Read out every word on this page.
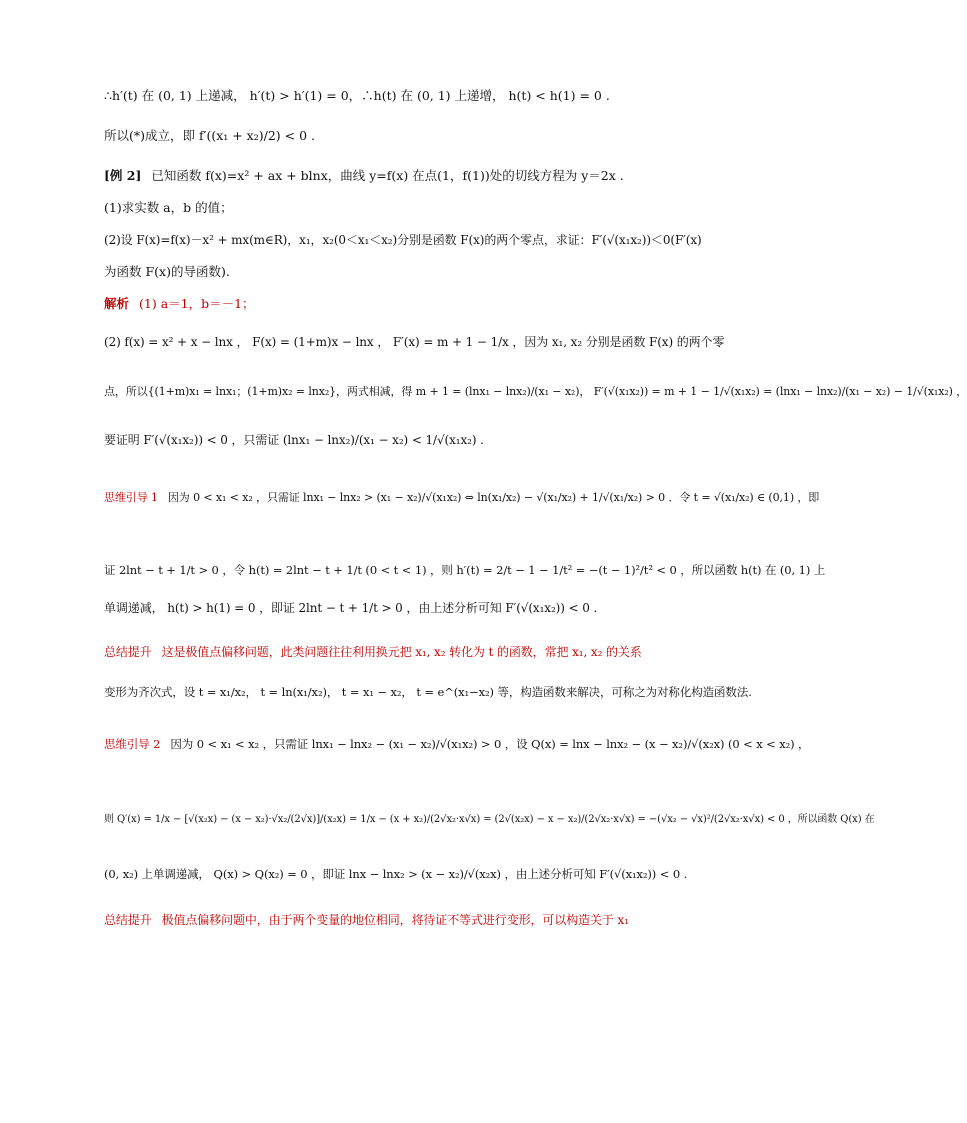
∴h′(t) 在 (0, 1) 上递减， h′(t) > h′(1) = 0，∴h(t) 在 (0, 1) 上递增， h(t) < h(1) = 0 .
所以(*)成立，即 f′((x₁ + x₂)/2) < 0 .
[例 2] 已知函数 f(x)=x² + ax + blnx，曲线 y=f(x) 在点(1，f(1))处的切线方程为 y＝2x .
(1)求实数 a，b 的值；
(2)设 F(x)=f(x)－x² + mx(m∈R)，x₁，x₂(0＜x₁＜x₂)分别是函数 F(x)的两个零点，求证：F′(√(x₁x₂))＜0(F′(x)
为函数 F(x)的导函数).
解析 (1) a＝1，b＝－1；
(2) f(x) = x² + x − lnx ， F(x) = (1+m)x − lnx ， F′(x) = m + 1 − 1/x ，因为 x₁, x₂ 分别是函数 F(x) 的两个零
点，所以{(1+m)x₁ = lnx₁；(1+m)x₂ = lnx₂}，两式相减，得 m + 1 = (lnx₁ − lnx₂)/(x₁ − x₂)， F′(√(x₁x₂)) = m + 1 − 1/√(x₁x₂) = (lnx₁ − lnx₂)/(x₁ − x₂) − 1/√(x₁x₂) ，
要证明 F′(√(x₁x₂)) < 0 ，只需证 (lnx₁ − lnx₂)/(x₁ − x₂) < 1/√(x₁x₂) .
思维引导 1 因为 0 < x₁ < x₂ ，只需证 lnx₁ − lnx₂ > (x₁ − x₂)/√(x₁x₂) ⇔ ln(x₁/x₂) − √(x₁/x₂) + 1/√(x₁/x₂) > 0 ．令 t = √(x₁/x₂) ∈ (0,1) ，即
证 2lnt − t + 1/t > 0 ，令 h(t) = 2lnt − t + 1/t (0 < t < 1) ，则 h′(t) = 2/t − 1 − 1/t² = −(t − 1)²/t² < 0 ，所以函数 h(t) 在 (0, 1) 上
单调递减， h(t) > h(1) = 0 ，即证 2lnt − t + 1/t > 0 ，由上述分析可知 F′(√(x₁x₂)) < 0 .
总结提升 这是极值点偏移问题，此类问题往往利用换元把 x₁, x₂ 转化为 t 的函数，常把 x₁, x₂ 的关系
变形为齐次式，设 t = x₁/x₂， t = ln(x₁/x₂)， t = x₁ − x₂， t = e^(x₁−x₂) 等，构造函数来解决，可称之为对称化构造函数法.
思维引导 2 因为 0 < x₁ < x₂ ，只需证 lnx₁ − lnx₂ − (x₁ − x₂)/√(x₁x₂) > 0 ，设 Q(x) = lnx − lnx₂ − (x − x₂)/√(x₂x) (0 < x < x₂) ，
则 Q′(x) = 1/x − [√(x₂x) − (x − x₂)·√x₂/(2√x)]/(x₂x) = 1/x − (x + x₂)/(2√x₂·x√x) = (2√(x₂x) − x − x₂)/(2√x₂·x√x) = −(√x₂ − √x)²/(2√x₂·x√x) < 0 ，所以函数 Q(x) 在
(0, x₂) 上单调递减， Q(x) > Q(x₂) = 0 ，即证 lnx − lnx₂ > (x − x₂)/√(x₂x) ，由上述分析可知 F′(√(x₁x₂)) < 0 .
总结提升 极值点偏移问题中，由于两个变量的地位相同，将待证不等式进行变形，可以构造关于 x₁
